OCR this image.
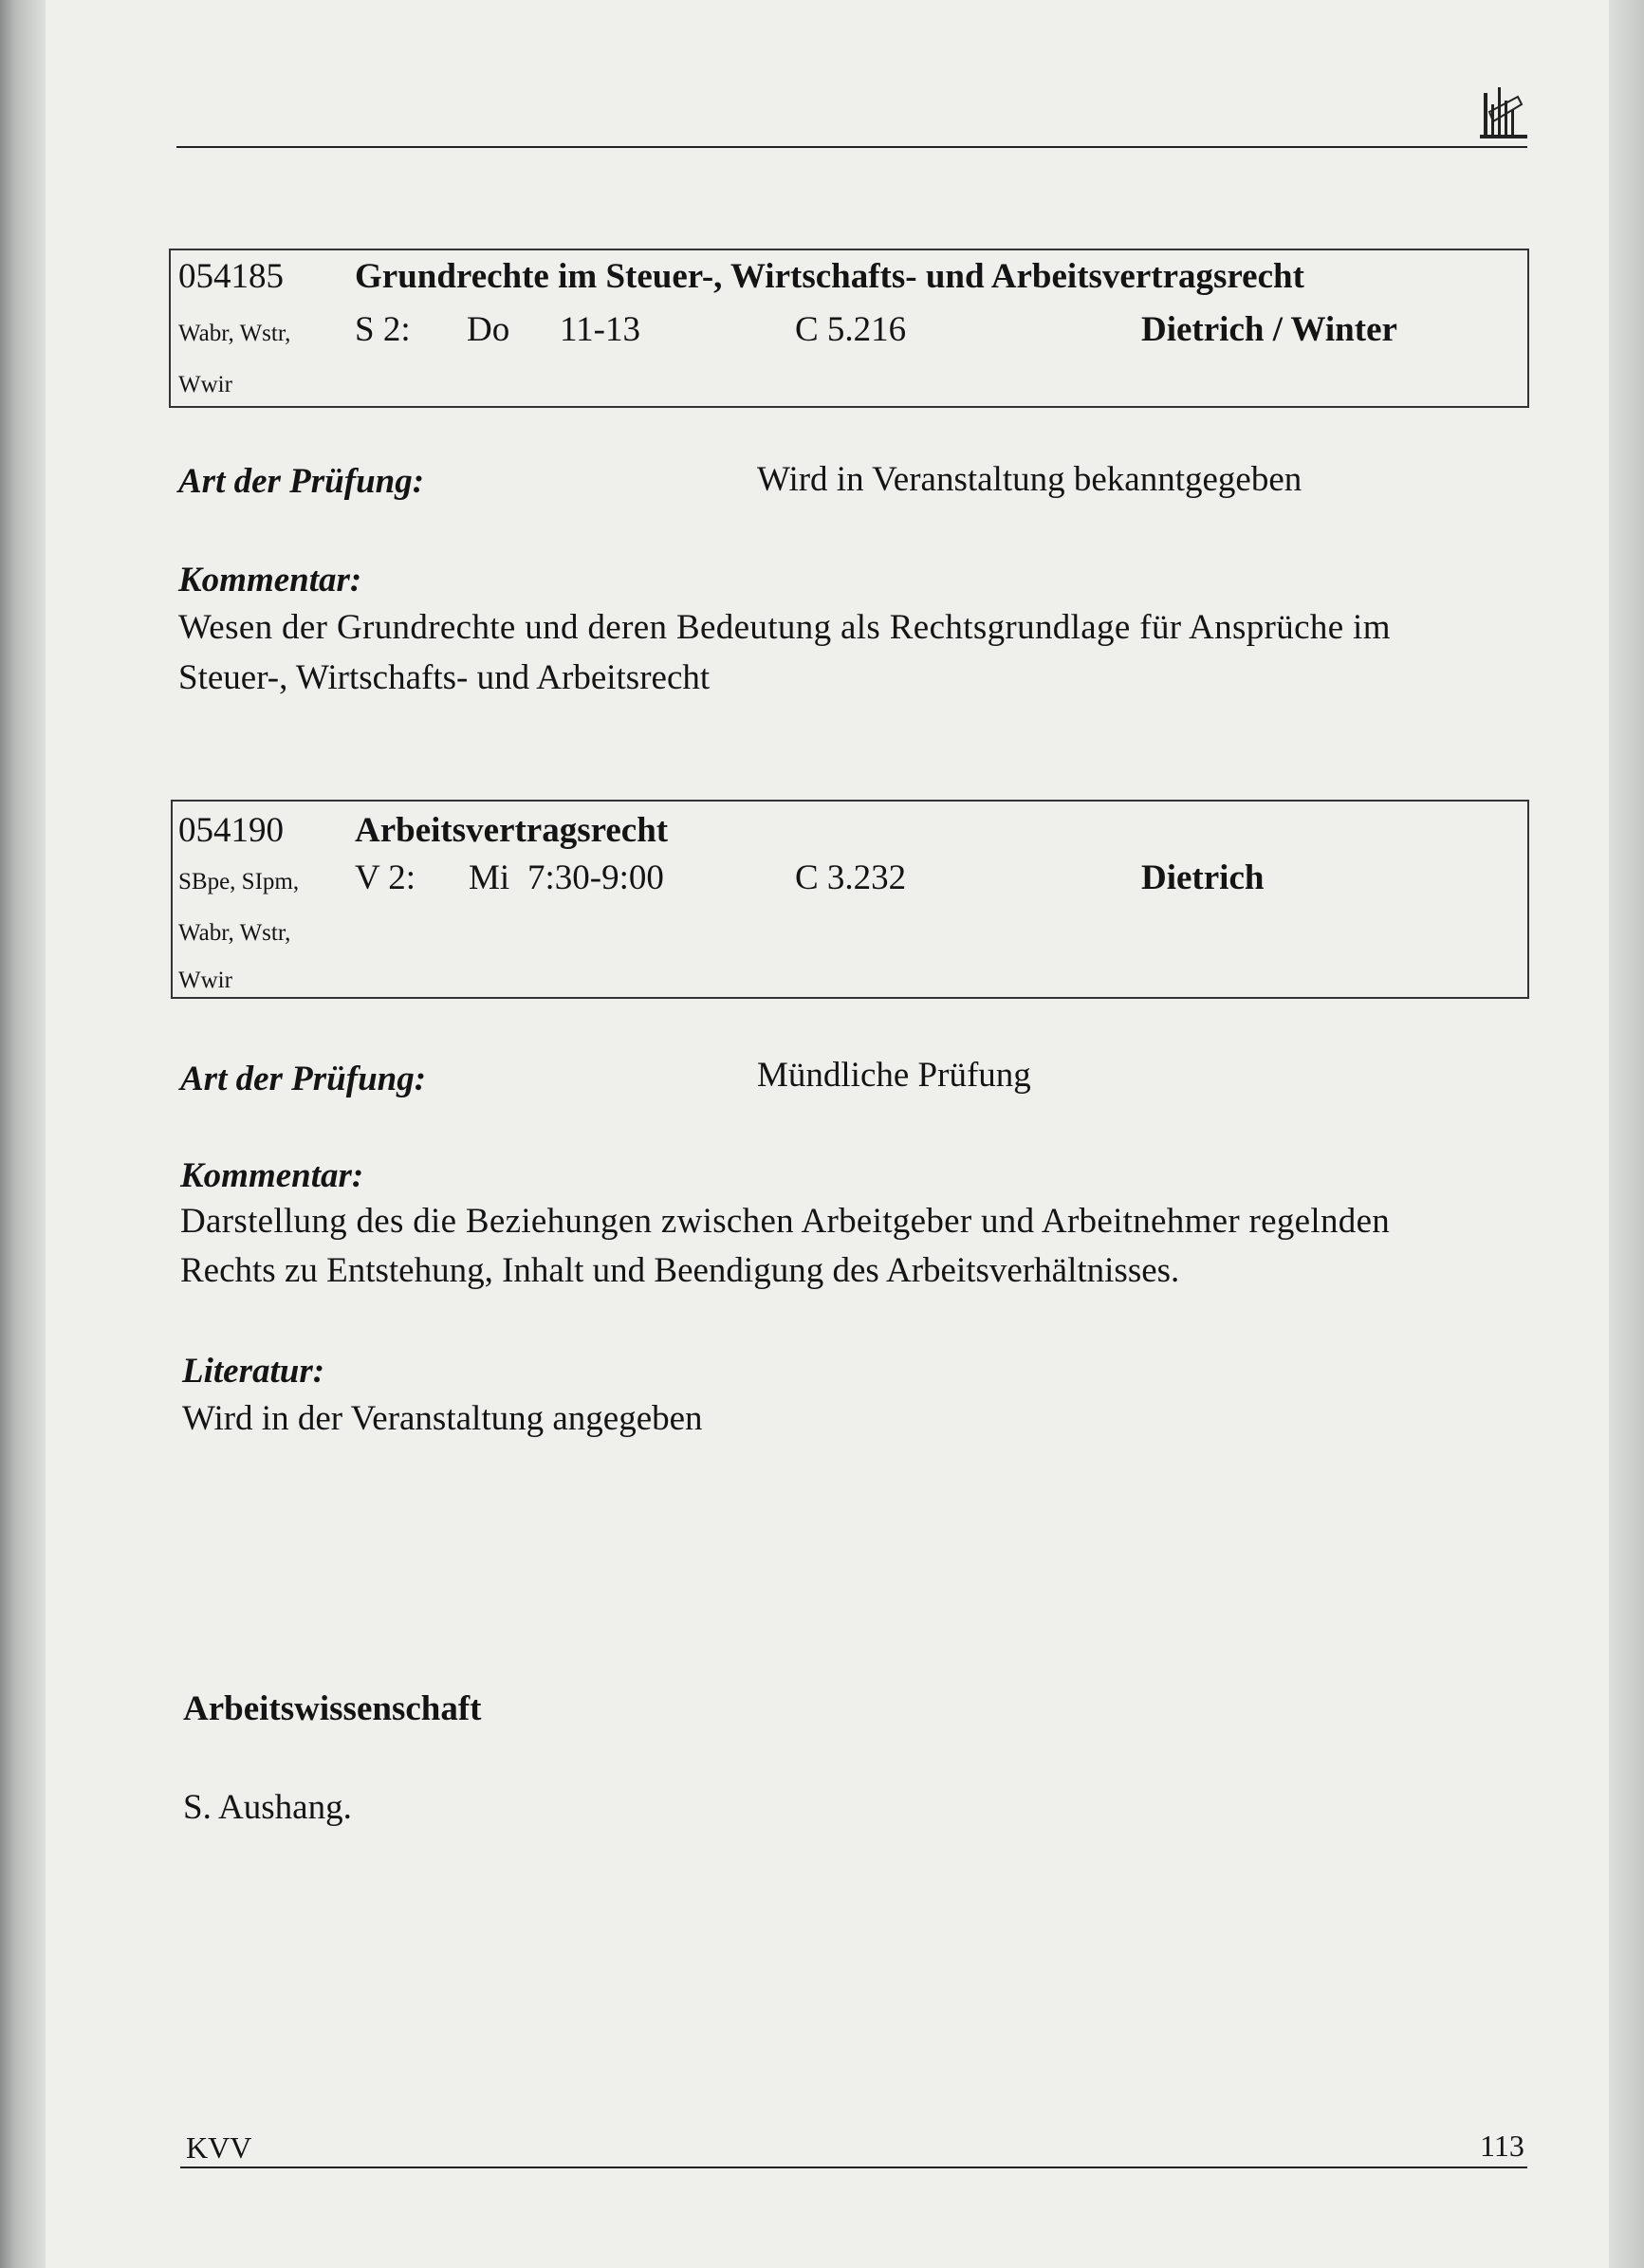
054185 Grundrechte im Steuer-, Wirtschafts- und Arbeitsvertragsrecht
Wabr, Wstr,
Wwir
S 2: Do 11-13	C 5.216	Dietrich / Winter
Art der Prüfung:	Wird in Veranstaltung bekanntgegeben
Kommentar:
Wesen der Grundrechte und deren Bedeutung als Rechtsgrundlage für Ansprüche im
Steuer-, Wirtschafts- und Arbeitsrecht
054190 Arbeitsvertragsrecht
SBpe, SIpm,
Wabr, Wstr,
Wwir
V 2: Mi 7:30-9:00	C 3.232	Dietrich
Art der Prüfung:	Mündliche Prüfung
Kommentar:
Darstellung des die Beziehungen zwischen Arbeitgeber und Arbeitnehmer regelnden
Rechts zu Entstehung, Inhalt und Beendigung des Arbeitsverhältnisses.
Literatur:
Wird in der Veranstaltung angegeben
Arbeitswissenschaft
S. Aushang.
KVV	113
